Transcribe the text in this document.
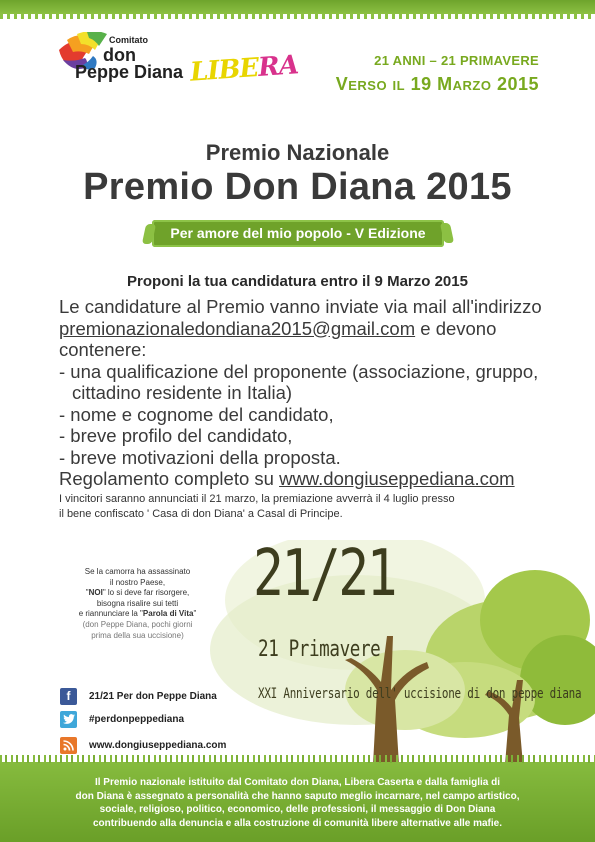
Comitato
don
Peppe Diana LIBERA	21 ANNI – 21 PRIMAVERE
Verso il 19 Marzo 2015
Premio Nazionale
Premio Don Diana 2015
Per amore del mio popolo - V Edizione
Proponi la tua candidatura entro il 9 Marzo 2015
Le candidature al Premio vanno inviate via mail all'indirizzo
premionazionaledondiana2015@gmail.com e devono contenere:
- una qualificazione del proponente (associazione, gruppo,
cittadino residente in Italia)
- nome e cognome del candidato,
- breve profilo del candidato,
- breve motivazioni della proposta.
Regolamento completo su www.dongiuseppediana.com
I vincitori saranno annunciati il 21 marzo, la premiazione avverrà il 4 luglio presso
il bene confiscato ' Casa di don Diana' a Casal di Principe.
21/21
21 Primavere
XXI Anniversario dell' uccisione di don peppe diana
Se la camorra ha assassinato
il nostro Paese,
"NOI" lo si deve far risorgere,
bisogna risalire sui tetti
e riannunciare la "Parola di Vita"
(don Peppe Diana, pochi giorni
prima della sua uccisione)
f	21/21 Per don Peppe Diana
#perdonpeppediana
www.dongiuseppediana.com
Il Premio nazionale istituito dal Comitato don Diana, Libera Caserta e dalla famiglia di
don Diana è assegnato a personalità che hanno saputo meglio incarnare, nel campo artistico,
sociale, religioso, politico, economico, delle professioni, il messaggio di Don Diana
contribuendo alla denuncia e alla costruzione di comunità libere alternative alle mafie.
